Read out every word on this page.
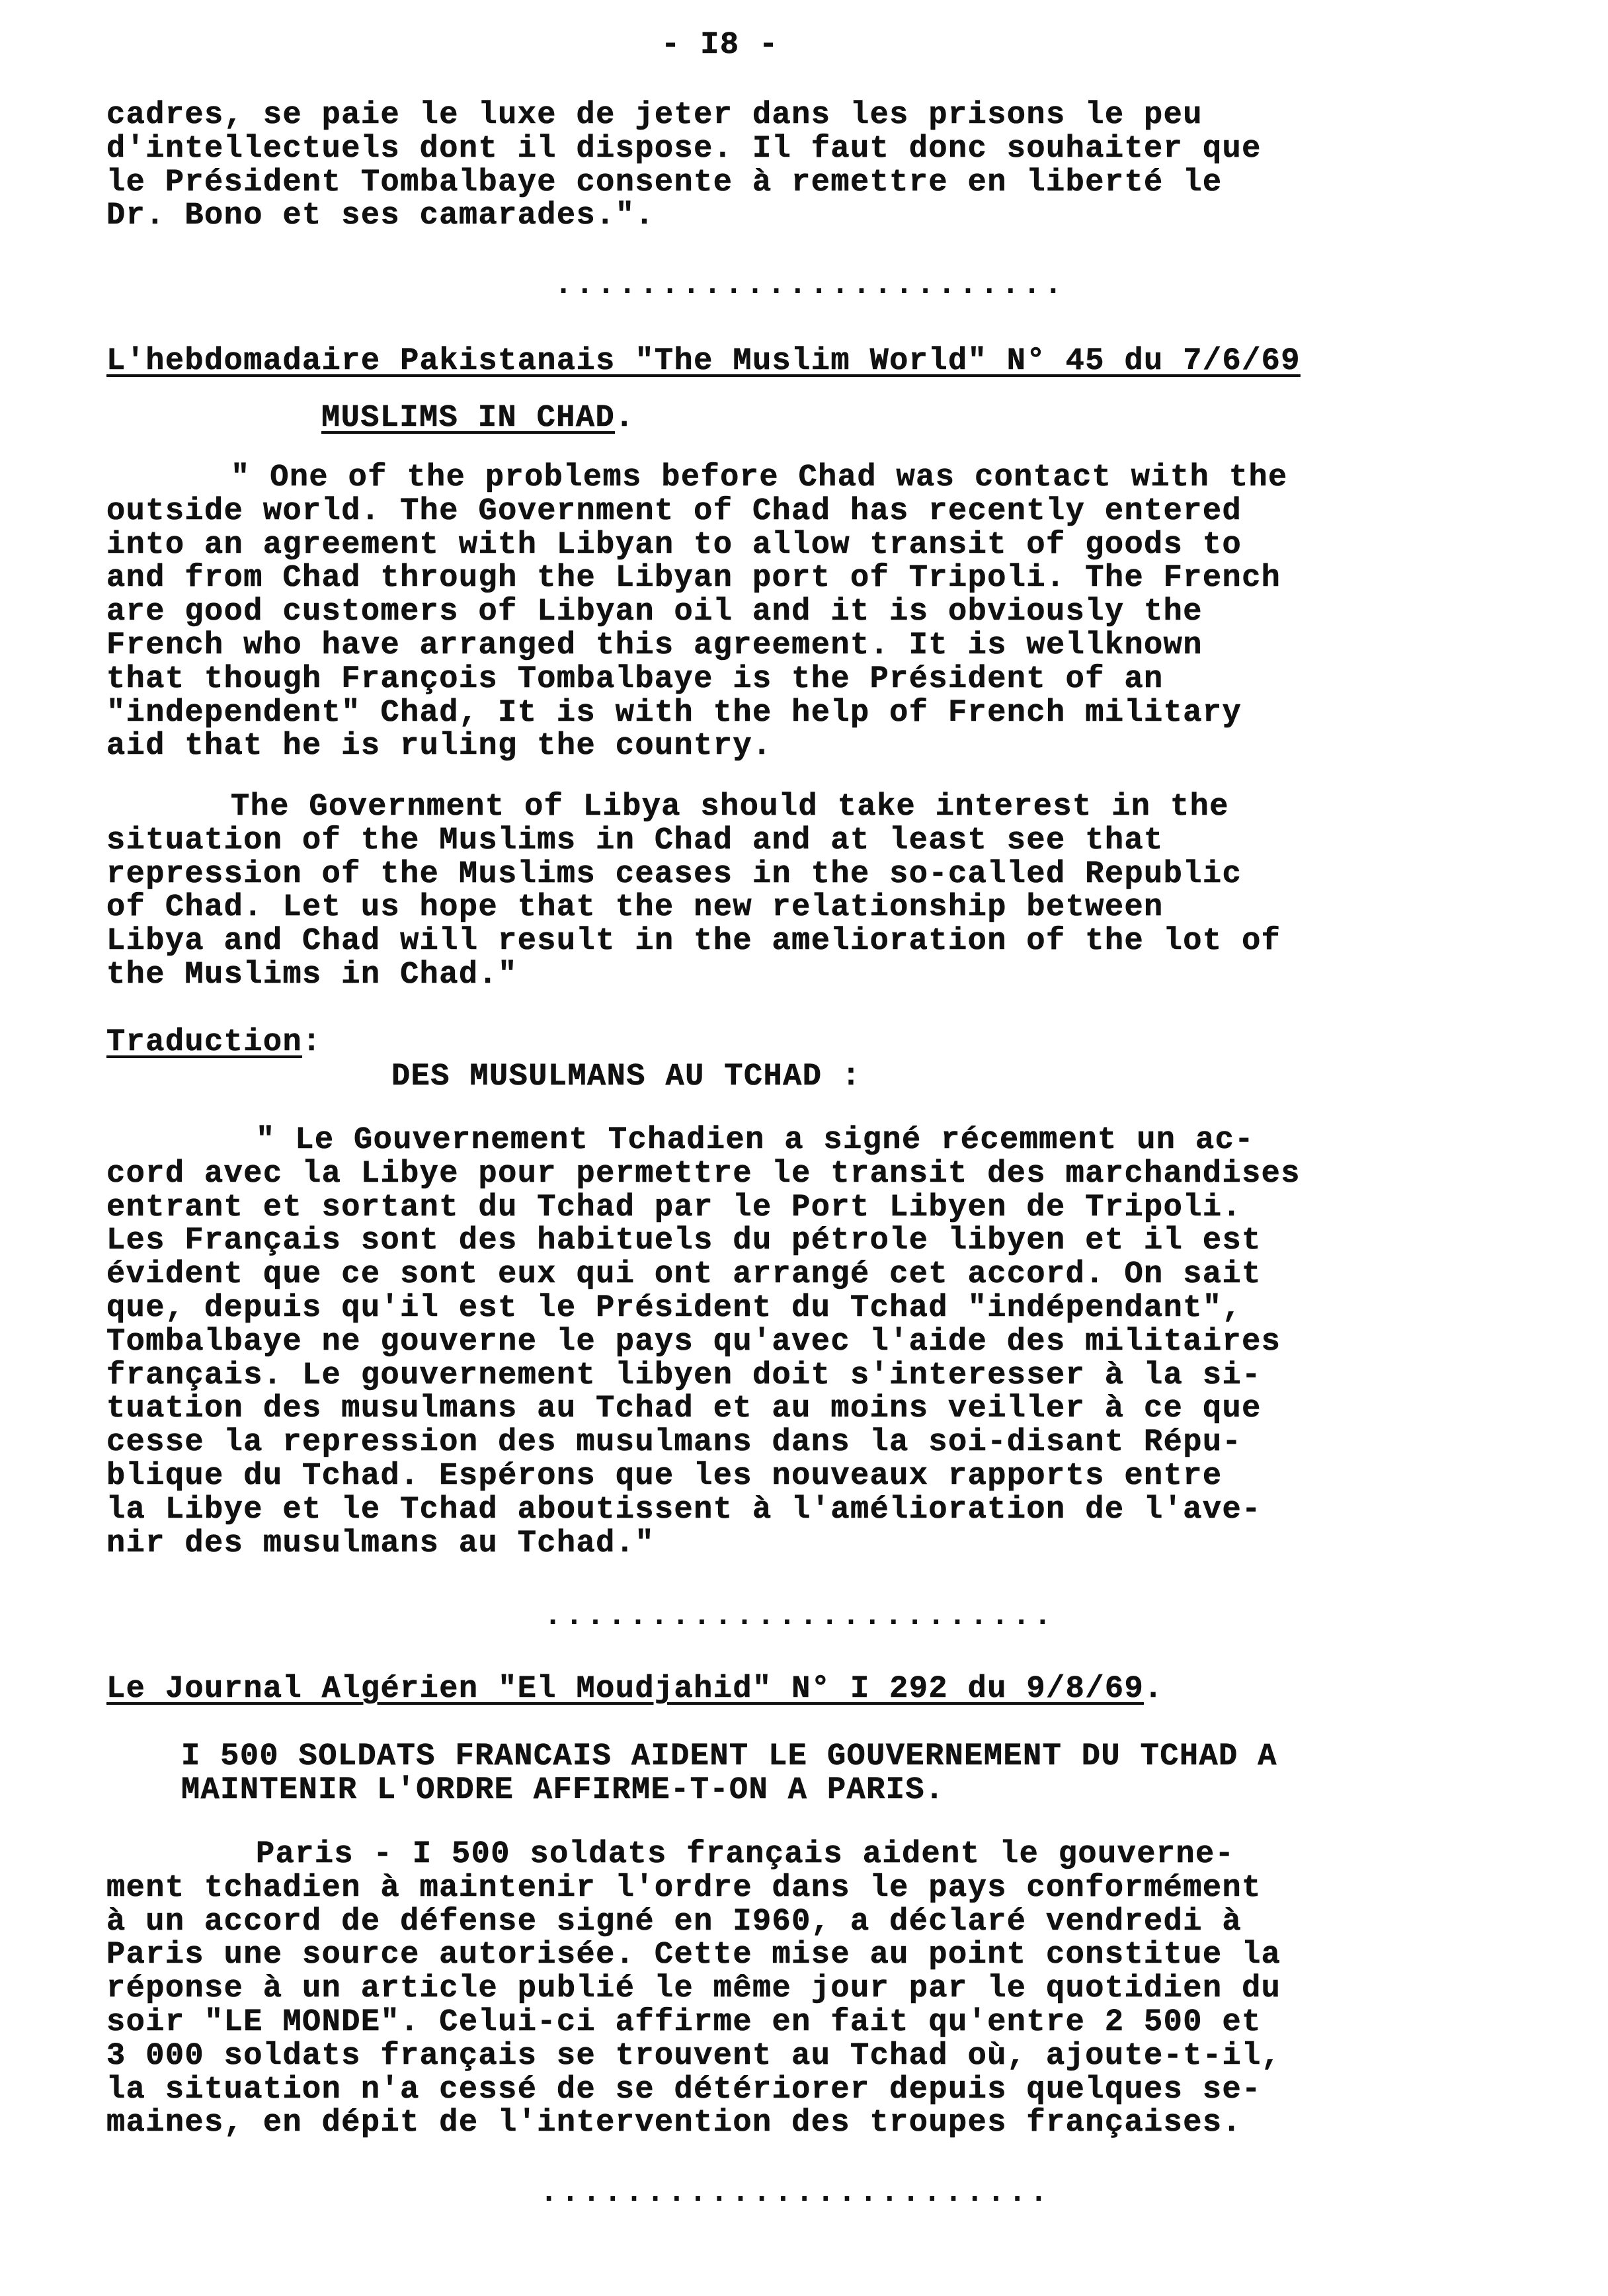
- I8 -
cadres, se paie le luxe de jeter dans les prisons le peu
d'intellectuels dont il dispose. Il faut donc souhaiter que
le Président Tombalbaye consente à remettre en liberté le
Dr. Bono et ses camarades.".
........................
L'hebdomadaire Pakistanais "The Muslim World" N° 45 du 7/6/69
MUSLIMS IN CHAD.
" One of the problems before Chad was contact with the
outside world. The Government of Chad has recently entered
into an agreement with Libyan to allow transit of goods to
and from Chad through the Libyan port of Tripoli. The French
are good customers of Libyan oil and it is obviously the
French who have arranged this agreement. It is wellknown
that though François Tombalbaye is the Président of an
"independent" Chad, It is with the help of French military
aid that he is ruling the country.
The Government of Libya should take interest in the
situation of the Muslims in Chad and at least see that
repression of the Muslims ceases in the so-called Republic
of Chad. Let us hope that the new relationship between
Libya and Chad will result in the amelioration of the lot of
the Muslims in Chad."
Traduction:
DES MUSULMANS AU TCHAD :
" Le Gouvernement Tchadien a signé récemment un ac-
cord avec la Libye pour permettre le transit des marchandises
entrant et sortant du Tchad par le Port Libyen de Tripoli.
Les Français sont des habituels du pétrole libyen et il est
évident que ce sont eux qui ont arrangé cet accord. On sait
que, depuis qu'il est le Président du Tchad "indépendant",
Tombalbaye ne gouverne le pays qu'avec l'aide des militaires
français. Le gouvernement libyen doit s'interesser à la si-
tuation des musulmans au Tchad et au moins veiller à ce que
cesse la repression des musulmans dans la soi-disant Répu-
blique du Tchad. Espérons que les nouveaux rapports entre
la Libye et le Tchad aboutissent à l'amélioration de l'ave-
nir des musulmans au Tchad."
........................
Le Journal Algérien "El Moudjahid" N° I 292 du 9/8/69.
I 500 SOLDATS FRANCAIS AIDENT LE GOUVERNEMENT DU TCHAD A
MAINTENIR L'ORDRE AFFIRME-T-ON A PARIS.
Paris - I 500 soldats français aident le gouverne-
ment tchadien à maintenir l'ordre dans le pays conformément
à un accord de défense signé en I960, a déclaré vendredi à
Paris une source autorisée. Cette mise au point constitue la
réponse à un article publié le même jour par le quotidien du
soir "LE MONDE". Celui-ci affirme en fait qu'entre 2 500 et
3 000 soldats français se trouvent au Tchad où, ajoute-t-il,
la situation n'a cessé de se détériorer depuis quelques se-
maines, en dépit de l'intervention des troupes françaises.
........................
